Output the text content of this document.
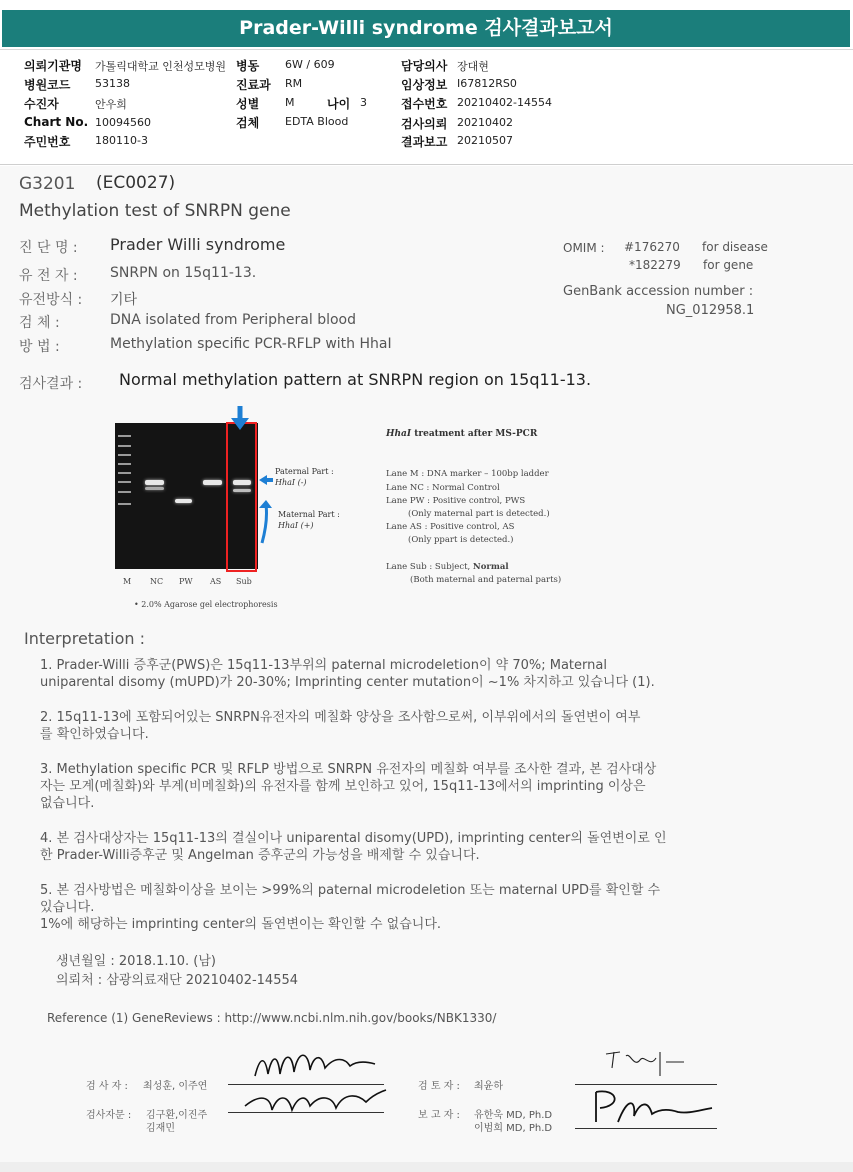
Prader-Willi syndrome 검사결과보고서
의뢰기관명 가톨릭대학교 인천성모병원 병동 6W / 609	담당의사 장대현
병원코드 53138	진료과 RM	임상정보 I67812RS0
수진자	안우희	성별 M	나이 3	접수번호 20210402-14554
Chart No. 10094560	검체 EDTA Blood	검사의뢰 20210402
주민번호 180110-3	결과보고 20210507
G3201 (EC0027)
Methylation test of SNRPN gene
진 단 명 : Prader Willi syndrome
유 전 자 : SNRPN on 15q11-13.
유전방식 : 기타
검 체 :	DNA isolated from Peripheral blood
방 법 :	Methylation specific PCR-RFLP with HhaI
OMIM : #176270 for disease
*182279 for gene
GenBank accession number :
NG_012958.1
검사결과 : Normal methylation pattern at SNRPN region on 15q11-13.
Paternal Part :
HhaI (-)
Maternal Part :
HhaI (+)
M NC PW AS Sub
• 2.0% Agarose gel electrophoresis
HhaI treatment after MS-PCR
Lane M : DNA marker – 100bp ladder
Lane NC : Normal Control
Lane PW : Positive control, PWS
(Only maternal part is detected.)
Lane AS : Positive control, AS
(Only ppart is detected.)
Lane Sub : Subject, Normal
(Both maternal and paternal parts)
Interpretation :
1. Prader-Willi 증후군(PWS)은 15q11-13부위의 paternal microdeletion이 약 70%; Maternal
uniparental disomy (mUPD)가 20-30%; Imprinting center mutation이 ~1% 차지하고 있습니다 (1).
2. 15q11-13에 포함되어있는 SNRPN유전자의 메칠화 양상을 조사함으로써, 이부위에서의 돌연변이 여부
를 확인하였습니다.
3. Methylation specific PCR 및 RFLP 방법으로 SNRPN 유전자의 메칠화 여부를 조사한 결과, 본 검사대상
자는 모계(메칠화)와 부계(비메칠화)의 유전자를 함께 보인하고 있어, 15q11-13에서의 imprinting 이상은
없습니다.
4. 본 검사대상자는 15q11-13의 결실이나 uniparental disomy(UPD), imprinting center의 돌연변이로 인
한 Prader-Willi증후군 및 Angelman 증후군의 가능성을 배제할 수 있습니다.
5. 본 검사방법은 메칠화이상을 보이는 >99%의 paternal microdeletion 또는 maternal UPD를 확인할 수
있습니다.
1%에 해당하는 imprinting center의 돌연변이는 확인할 수 없습니다.
생년월일 : 2018.1.10. (남)
의뢰처 : 삼광의료재단 20210402-14554
Reference (1) GeneReviews : http://www.ncbi.nlm.nih.gov/books/NBK1330/
검 사 자 : 최성훈, 이주연
검사자문 : 김구환,이진주
김재민
검 토 자 : 최윤하
보 고 자 : 유한욱 MD, Ph.D
이범희 MD, Ph.D
